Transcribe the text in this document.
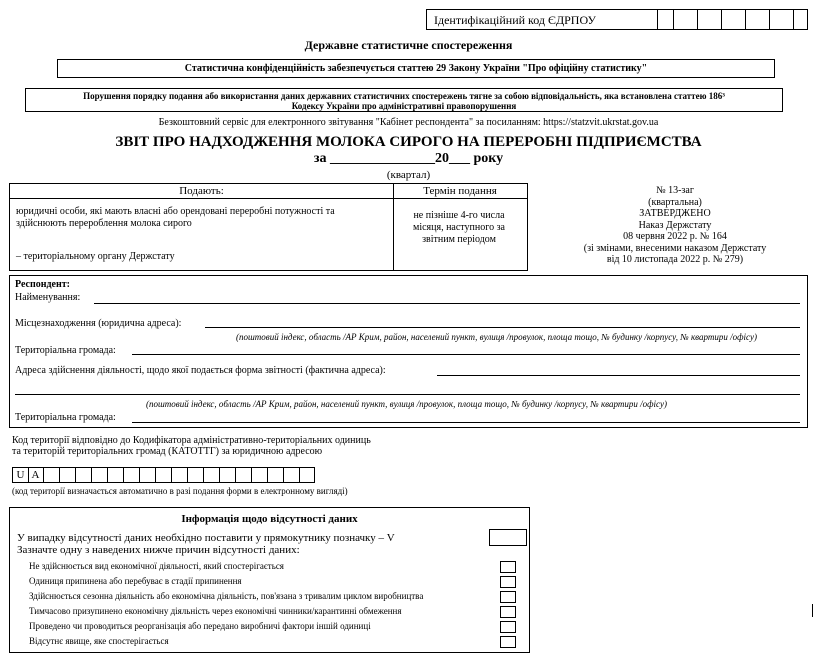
Ідентифікаційний код ЄДРПОУ
Державне статистичне спостереження
Статистична конфіденційність забезпечується статтею 29 Закону України "Про офіційну статистику"
Порушення порядку подання або використання даних державних статистичних спостережень тягне за собою відповідальність, яка встановлена статтею 186³
Кодексу України про адміністративні правопорушення
Безкоштовний сервіс для електронного звітування "Кабінет респондента" за посиланням: https://statzvit.ukrstat.gov.ua
ЗВІТ ПРО НАДХОДЖЕННЯ МОЛОКА СИРОГО НА ПЕРЕРОБНІ ПІДПРИЄМСТВА
за _______________20___ року
(квартал)
Подають:	Термін подання
юридичні особи, які мають власні або орендовані переробні потужності та здійснюють перероблення молока сирого
– територіальному органу Держстату
не пізніше 4-го числа місяця, наступного за звітним періодом
№ 13-заг
(квартальна)
ЗАТВЕРДЖЕНО
Наказ Держстату
08 червня 2022 р. № 164
(зі змінами, внесеними наказом Держстату
від 10 листопада 2022 р. № 279)
Респондент:
Найменування:
Місцезнаходження (юридична адреса):
(поштовий індекс, область /АР Крим, район, населений пункт, вулиця /провулок, площа тощо, № будинку /корпусу, № квартири /офісу)
Територіальна громада:
Адреса здійснення діяльності, щодо якої подається форма звітності (фактична адреса):
(поштовий індекс, область /АР Крим, район, населений пункт, вулиця /провулок, площа тощо, № будинку /корпусу, № квартири /офісу)
Територіальна громада:
Код території відповідно до Кодифікатора адміністративно-територіальних одиниць
та територій територіальних громад (КАТОТТГ) за юридичною адресою
U A
(код території визначається автоматично в разі подання форми в електронному вигляді)
Інформація щодо відсутності даних
У випадку відсутності даних необхідно поставити у прямокутнику позначку – V
Зазначте одну з наведених нижче причин відсутності даних:
Не здійснюється вид економічної діяльності, який спостерігається
Одиниця припинена або перебуває в стадії припинення
Здійснюється сезонна діяльність або економічна діяльність, пов'язана з тривалим циклом виробництва
Тимчасово призупинено економічну діяльність через економічні чинники/карантинні обмеження
Проведено чи проводиться реорганізація або передано виробничі фактори іншій одиниці
Відсутнє явище, яке спостерігається
